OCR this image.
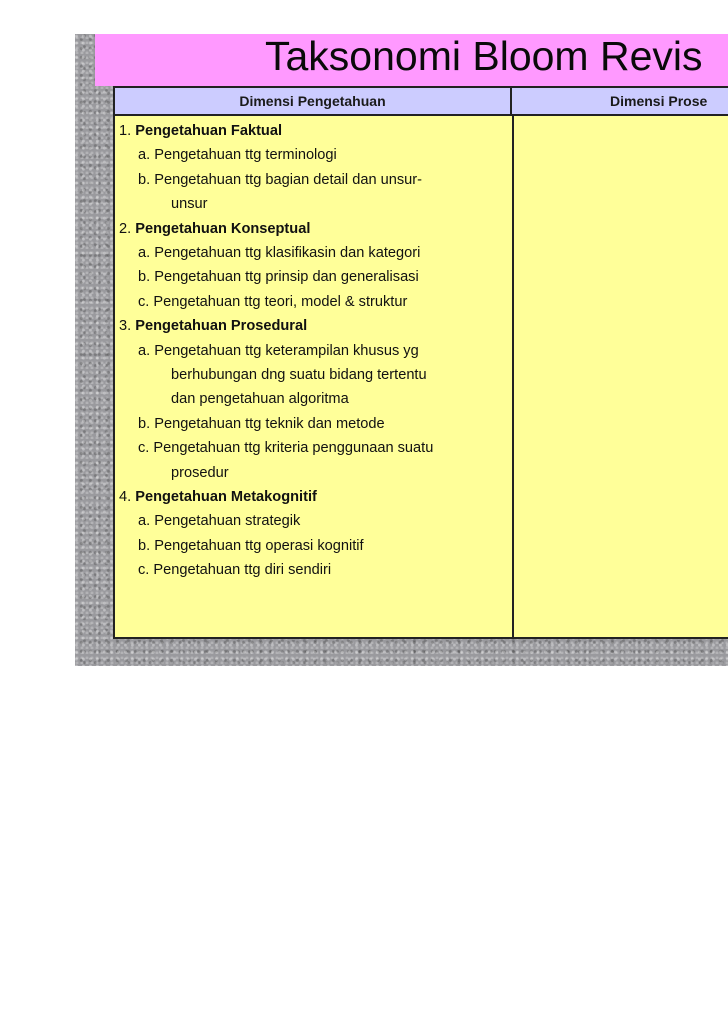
Taksonomi Bloom Revis
Dimensi Pengetahuan	Dimensi Prose
1. Pengetahuan Faktual
a. Pengetahuan ttg terminologi
b. Pengetahuan ttg bagian detail dan unsur-
unsur
2. Pengetahuan Konseptual
a. Pengetahuan ttg klasifikasin dan kategori
b. Pengetahuan ttg prinsip dan generalisasi
c. Pengetahuan ttg teori, model & struktur
3. Pengetahuan Prosedural
a. Pengetahuan ttg keterampilan khusus yg
berhubungan dng suatu bidang tertentu
dan pengetahuan algoritma
b. Pengetahuan ttg teknik dan metode
c. Pengetahuan ttg kriteria penggunaan suatu
prosedur
4. Pengetahuan Metakognitif
a. Pengetahuan strategik
b. Pengetahuan ttg operasi kognitif
c. Pengetahuan ttg diri sendiri
